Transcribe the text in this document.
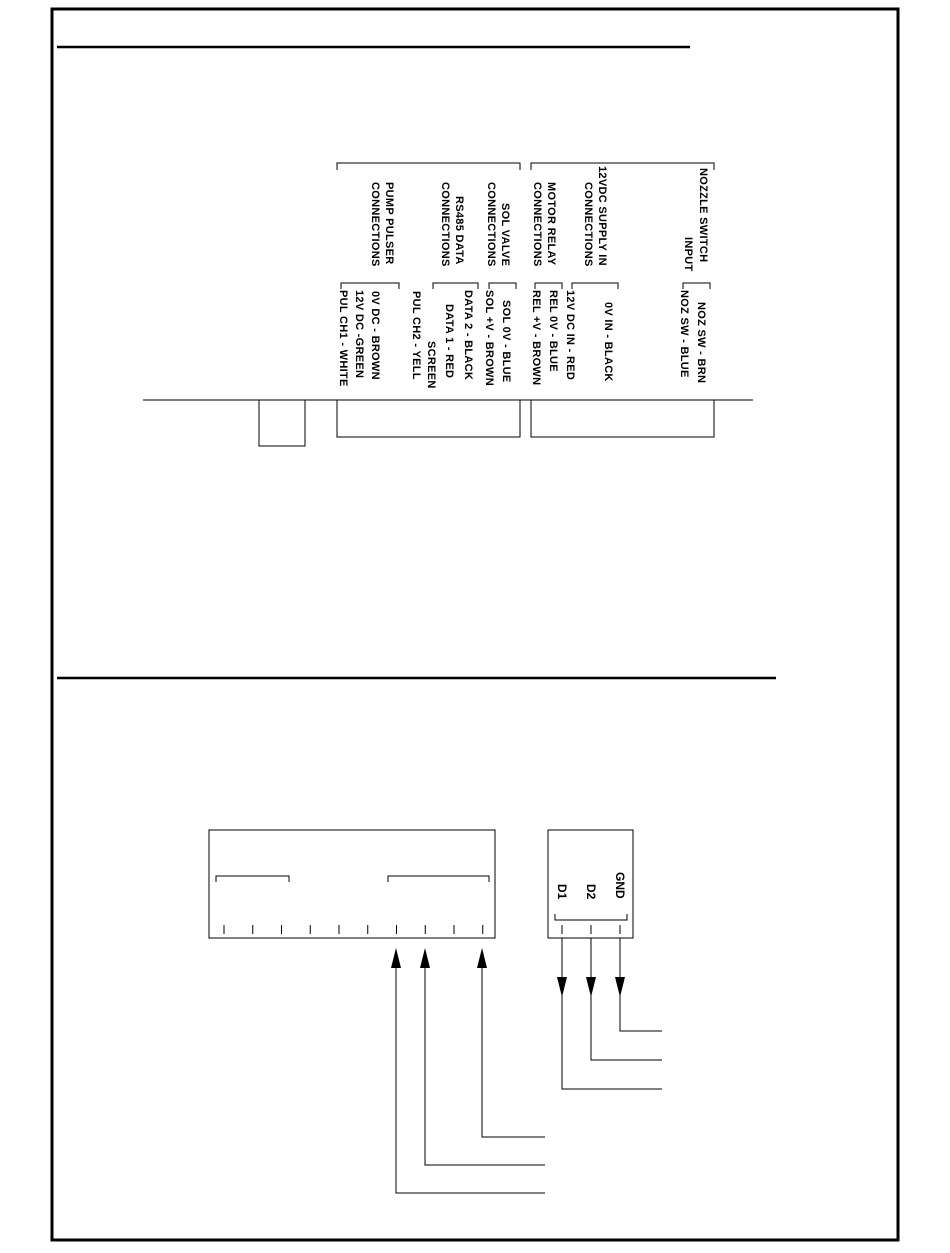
PUMP PULSER
CONNECTIONS	RS485 DATA
CONNECTIONS	SOL VALVE
CONNECTIONS	MOTOR RELAY
CONNECTIONS	12VDC SUPPLY IN
CONNECTIONS	NOZZLE SWITCH
INPUT
PUL CH1 - WHITE 12V DC -GREEN 0V DC - BROWN	PUL CH2 - YELL SCREEN DATA 1 - RED DATA 2 - BLACK SOL +V - BROWN SOL 0V - BLUE REL +V - BROWN REL 0V - BLUE 12V DC IN - RED 0V IN - BLACK	NOZ SW - BLUE NOZ SW - BRN
D1 D2 GND
